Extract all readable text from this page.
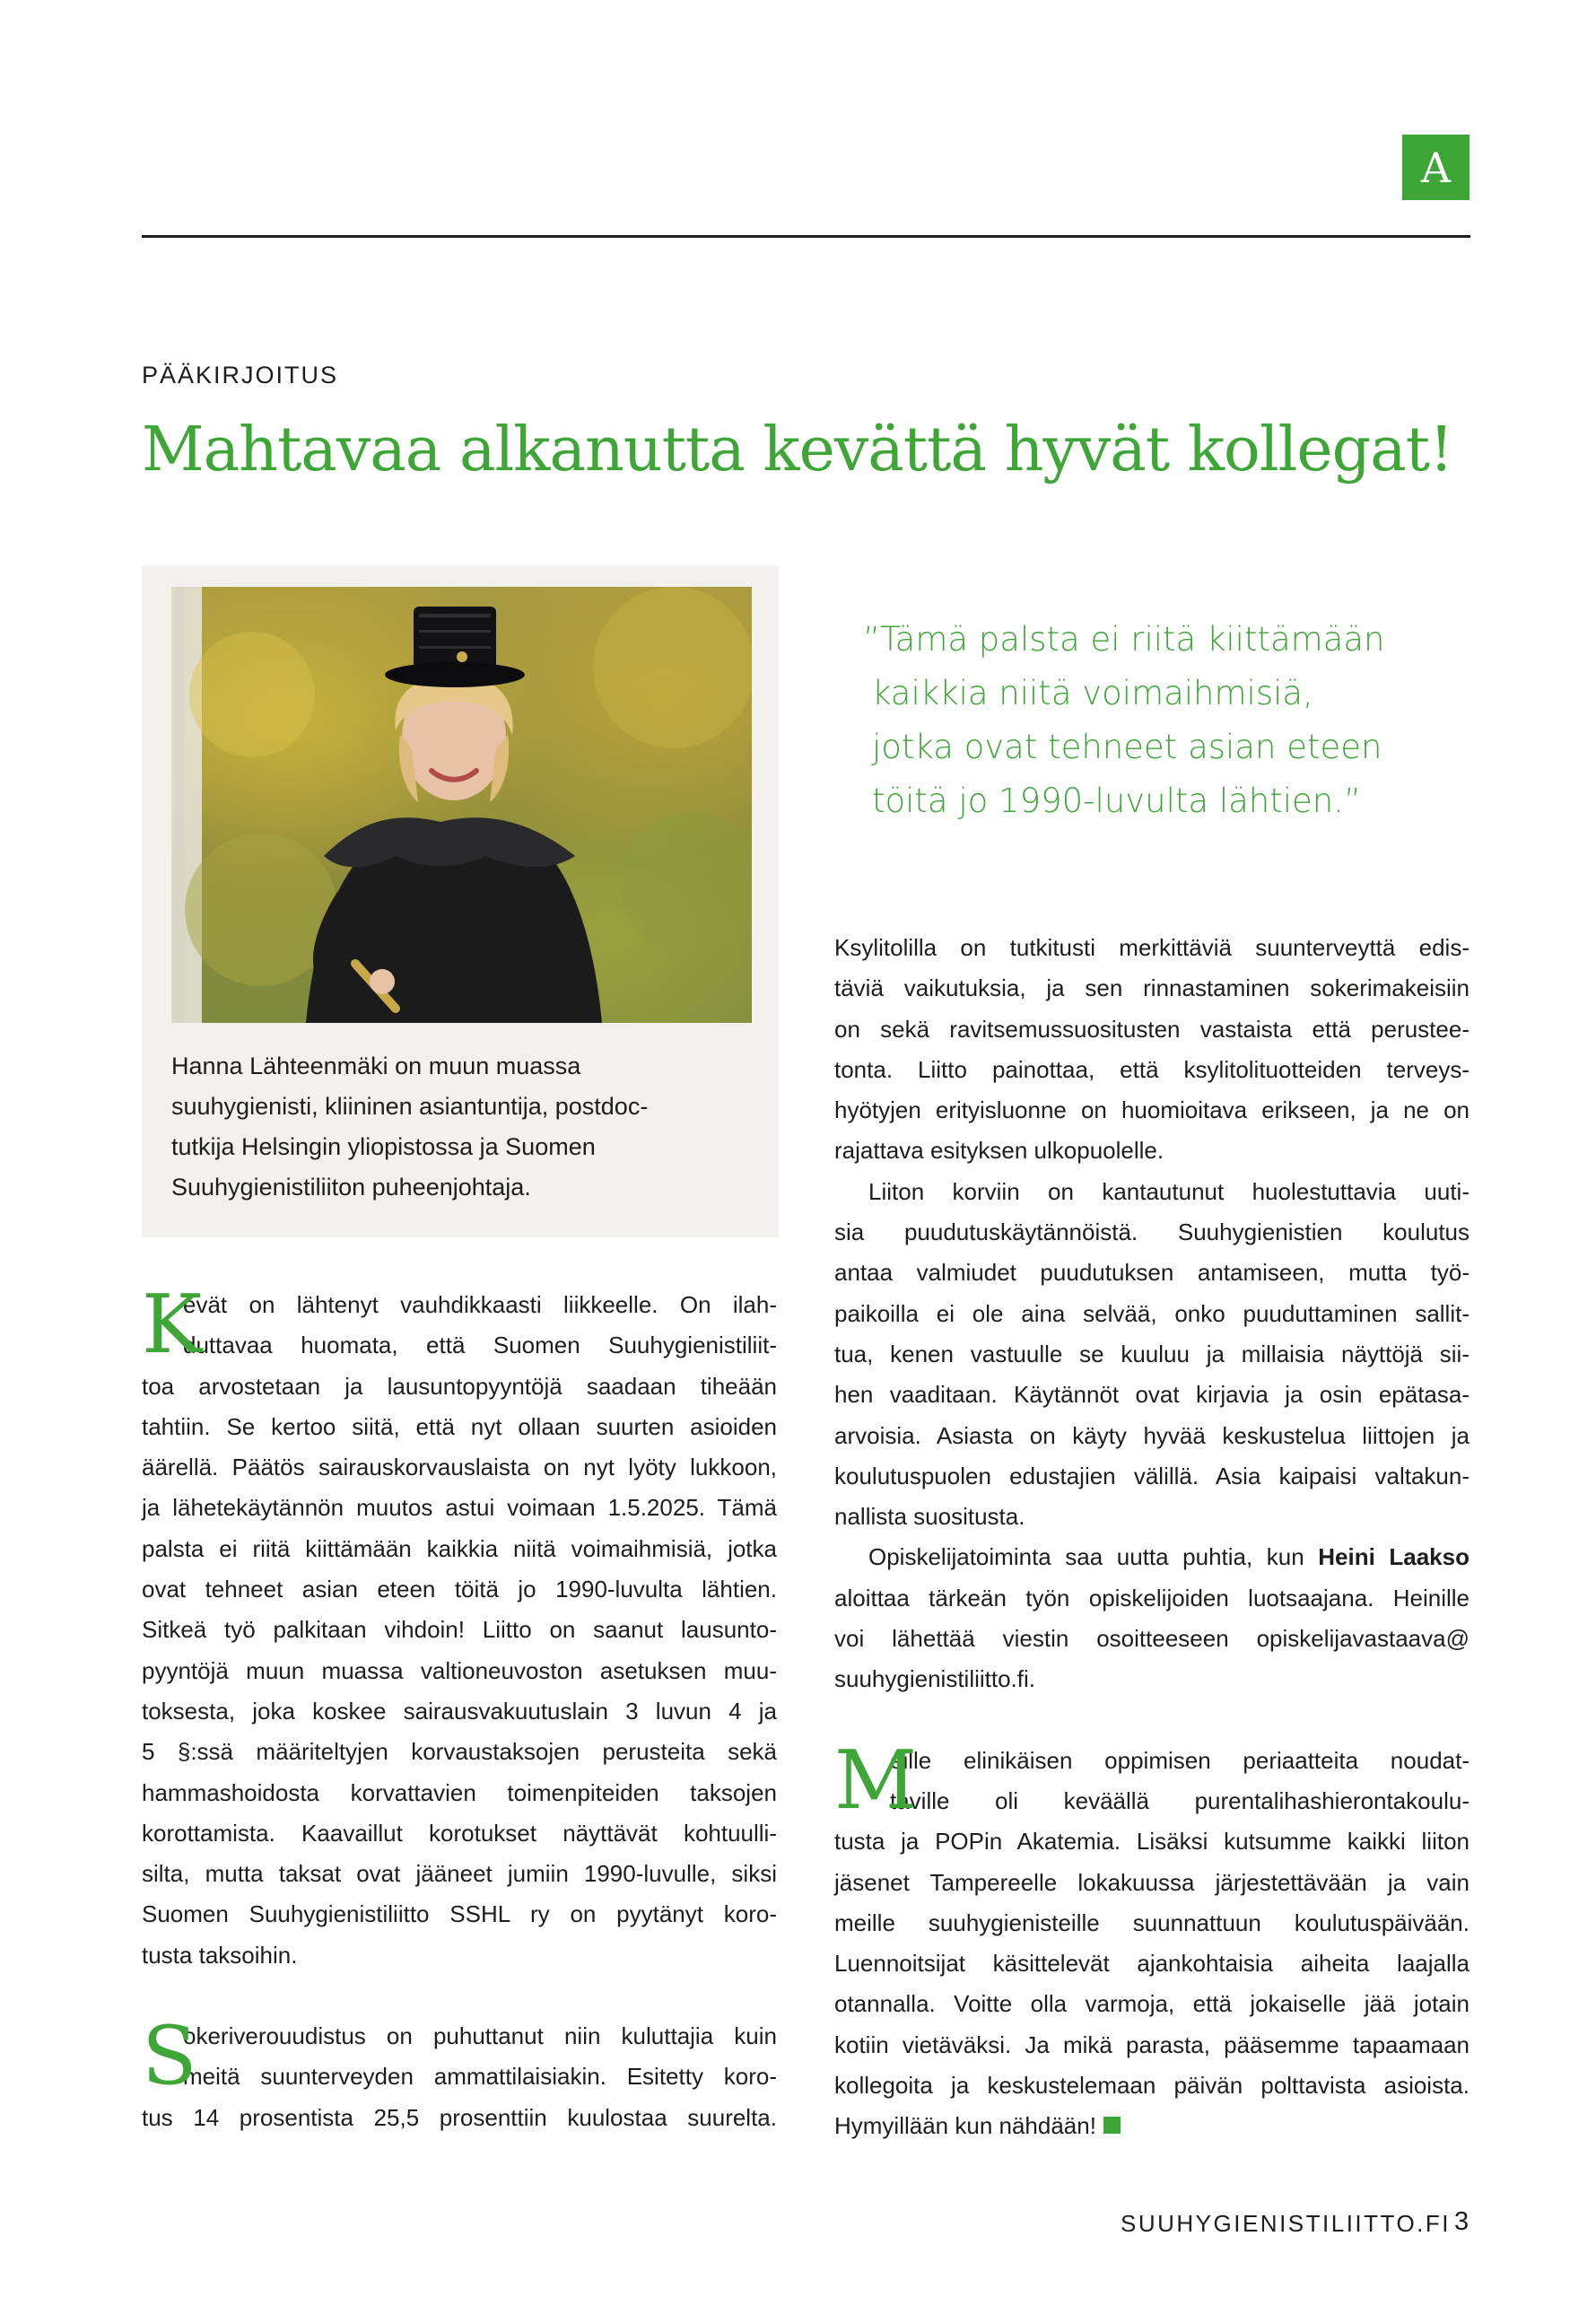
A
PÄÄKIRJOITUS
Mahtavaa alkanutta kevättä hyvät kollegat!

Hanna Lähteenmäki on muun muassa

suuhygienisti, kliininen asiantuntija, postdoc-

tutkija Helsingin yliopistossa ja Suomen

Suuhygienistiliiton puheenjohtaja.

”Tämä palsta ei riitä kiittämään
kaikkia niitä voimaihmisiä,
jotka ovat tehneet asian eteen
töitä jo 1990-luvulta lähtien.”
K
evät on lähtenyt vauhdikkaasti liikkeelle. On ilah-
duttavaa huomata, että Suomen Suuhygienistiliit-
toa arvostetaan ja lausuntopyyntöjä saadaan tiheään
tahtiin. Se kertoo siitä, että nyt ollaan suurten asioiden
äärellä. Päätös sairauskorvauslaista on nyt lyöty lukkoon,
ja lähetekäytännön muutos astui voimaan 1.5.2025. Tämä
palsta ei riitä kiittämään kaikkia niitä voimaihmisiä, jotka
ovat tehneet asian eteen töitä jo 1990-luvulta lähtien.
Sitkeä työ palkitaan vihdoin! Liitto on saanut lausunto-
pyyntöjä muun muassa valtioneuvoston asetuksen muu-
toksesta, joka koskee sairausvakuutuslain 3 luvun 4 ja
5 §:ssä määriteltyjen korvaustaksojen perusteita sekä
hammashoidosta korvattavien toimenpiteiden taksojen
korottamista. Kaavaillut korotukset näyttävät kohtuulli-
silta, mutta taksat ovat jääneet jumiin 1990-luvulle, siksi
Suomen Suuhygienistiliitto SSHL ry on pyytänyt koro-
tusta taksoihin.
S
okeriverouudistus on puhuttanut niin kuluttajia kuin
meitä suunterveyden ammattilaisiakin. Esitetty koro-
tus 14 prosentista 25,5 prosenttiin kuulostaa suurelta.
Ksylitolilla on tutkitusti merkittäviä suunterveyttä edis-
täviä vaikutuksia, ja sen rinnastaminen sokerimakeisiin
on sekä ravitsemussuositusten vastaista että perustee-
tonta. Liitto painottaa, että ksylitolituotteiden terveys-
hyötyjen erityisluonne on huomioitava erikseen, ja ne on
rajattava esityksen ulkopuolelle.
Liiton korviin on kantautunut huolestuttavia uuti-
sia puudutuskäytännöistä. Suuhygienistien koulutus
antaa valmiudet puudutuksen antamiseen, mutta työ-
paikoilla ei ole aina selvää, onko puuduttaminen sallit-
tua, kenen vastuulle se kuuluu ja millaisia näyttöjä sii-
hen vaaditaan. Käytännöt ovat kirjavia ja osin epätasa-
arvoisia. Asiasta on käyty hyvää keskustelua liittojen ja
koulutuspuolen edustajien välillä. Asia kaipaisi valtakun-
nallista suositusta.
Opiskelijatoiminta saa uutta puhtia, kun Heini Laakso
aloittaa tärkeän työn opiskelijoiden luotsaajana. Heinille
voi lähettää viestin osoitteeseen opiskelijavastaava@
suuhygienistiliitto.fi.
M
eille elinikäisen oppimisen periaatteita noudat-
taville oli keväällä purentalihashierontakoulu-
tusta ja POPin Akatemia. Lisäksi kutsumme kaikki liiton
jäsenet Tampereelle lokakuussa järjestettävään ja vain
meille suuhygienisteille suunnattuun koulutuspäivään.
Luennoitsijat käsittelevät ajankohtaisia aiheita laajalla
otannalla. Voitte olla varmoja, että jokaiselle jää jotain
kotiin vietäväksi. Ja mikä parasta, pääsemme tapaamaan
kollegoita ja keskustelemaan päivän polttavista asioista.
Hymyillään kun nähdään!
SUUHYGIENISTILIITTO.FI 3
